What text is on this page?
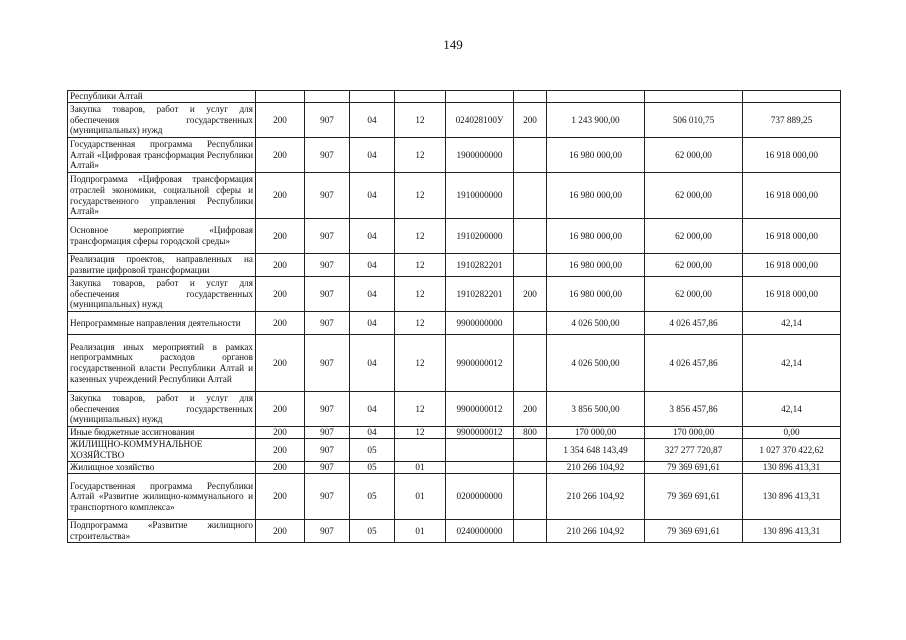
149
Республики Алтай									
Закупка товаров, работ и услуг для обеспечения государственных (муниципальных) нужд	200	907	04	12	024028100У	200	1 243 900,00	506 010,75	737 889,25
Государственная программа Республики Алтай «Цифровая трансформация Республики Алтай»	200	907	04	12	1900000000		16 980 000,00	62 000,00	16 918 000,00
Подпрограмма «Цифровая трансформация отраслей экономики, социальной сферы и государственного управления Республики Алтай»	200	907	04	12	1910000000		16 980 000,00	62 000,00	16 918 000,00
Основное мероприятие «Цифровая трансформация сферы городской среды»	200	907	04	12	1910200000		16 980 000,00	62 000,00	16 918 000,00
Реализация проектов, направленных на развитие цифровой трансформации	200	907	04	12	1910282201		16 980 000,00	62 000,00	16 918 000,00
Закупка товаров, работ и услуг для обеспечения государственных (муниципальных) нужд	200	907	04	12	1910282201	200	16 980 000,00	62 000,00	16 918 000,00
Непрограммные направления деятельности	200	907	04	12	9900000000		4 026 500,00	4 026 457,86	42,14
Реализация иных мероприятий в рамках непрограммных расходов органов государственной власти Республики Алтай и казенных учреждений Республики Алтай	200	907	04	12	9900000012		4 026 500,00	4 026 457,86	42,14
Закупка товаров, работ и услуг для обеспечения государственных (муниципальных) нужд	200	907	04	12	9900000012	200	3 856 500,00	3 856 457,86	42,14
Иные бюджетные ассигнования	200	907	04	12	9900000012	800	170 000,00	170 000,00	0,00
ЖИЛИЩНО-КОММУНАЛЬНОЕ ХОЗЯЙСТВО	200	907	05				1 354 648 143,49	327 277 720,87	1 027 370 422,62
Жилищное хозяйство	200	907	05	01			210 266 104,92	79 369 691,61	130 896 413,31
Государственная программа Республики Алтай «Развитие жилищно-коммунального и транспортного комплекса»	200	907	05	01	0200000000		210 266 104,92	79 369 691,61	130 896 413,31
Подпрограмма «Развитие жилищного строительства»	200	907	05	01	0240000000		210 266 104,92	79 369 691,61	130 896 413,31
